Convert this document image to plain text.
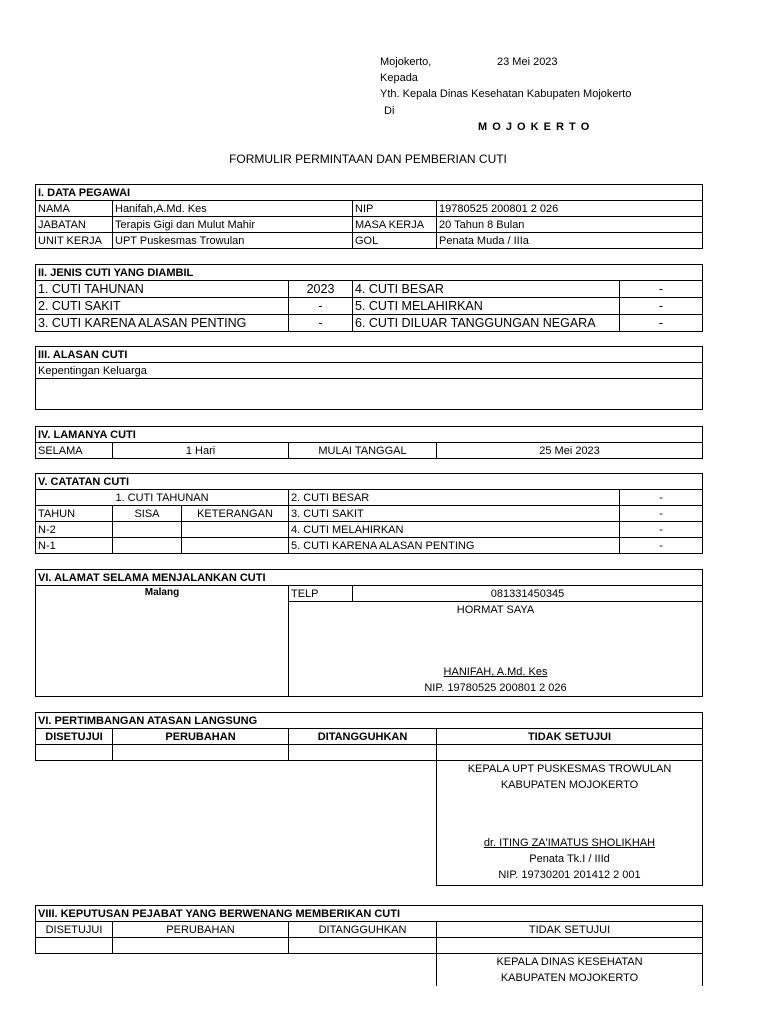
Mojokerto,	23 Mei 2023
Kepada
Yth. Kepala Dinas Kesehatan Kabupaten Mojokerto
Di
M O J O K E R T O
FORMULIR PERMINTAAN DAN PEMBERIAN CUTI
I. DATA PEGAWAI			
NAMA	Hanifah,A.Md. Kes	NIP	19780525 200801 2 026
JABATAN	Terapis Gigi dan Mulut Mahir	MASA KERJA	20 Tahun 8 Bulan
UNIT KERJA	UPT Puskesmas Trowulan	GOL	Penata Muda / IIIa
II. JENIS CUTI YANG DIAMBIL			
1. CUTI TAHUNAN	2023	4. CUTI BESAR	-
2. CUTI SAKIT	-	5. CUTI MELAHIRKAN	-
3. CUTI KARENA ALASAN PENTING	-	6. CUTI DILUAR TANGGUNGAN NEGARA	-
III. ALASAN CUTI
Kepentingan Keluarga

IV. LAMANYA CUTI
SELAMA	1 Hari	MULAI TANGGAL	25 Mei 2023
V. CATATAN CUTI				
1. CUTI TAHUNAN			2. CUTI BESAR	-
TAHUN	SISA	KETERANGAN	3. CUTI SAKIT	-
N-2			4. CUTI MELAHIRKAN	-
N-1			5. CUTI KARENA ALASAN PENTING	-
VI. ALAMAT SELAMA MENJALANKAN CUTI
Malang	TELP	081331450345

HORMAT SAYA
HANIFAH, A.Md. Kes
NIP. 19780525 200801 2 026
VI. PERTIMBANGAN ATASAN LANGSUNG			
DISETUJUI	PERUBAHAN	DITANGGUHKAN	TIDAK SETUJUI

			KEPALA UPT PUSKESMAS TROWULAN
KABUPATEN MOJOKERTO
dr. ITING ZA'IMATUS SHOLIKHAH
Penata Tk.I / IIId
NIP. 19730201 201412 2 001
VIII. KEPUTUSAN PEJABAT YANG BERWENANG MEMBERIKAN CUTI			
DISETUJUI	PERUBAHAN	DITANGGUHKAN	TIDAK SETUJUI

			KEPALA DINAS KESEHATAN
KABUPATEN MOJOKERTO
